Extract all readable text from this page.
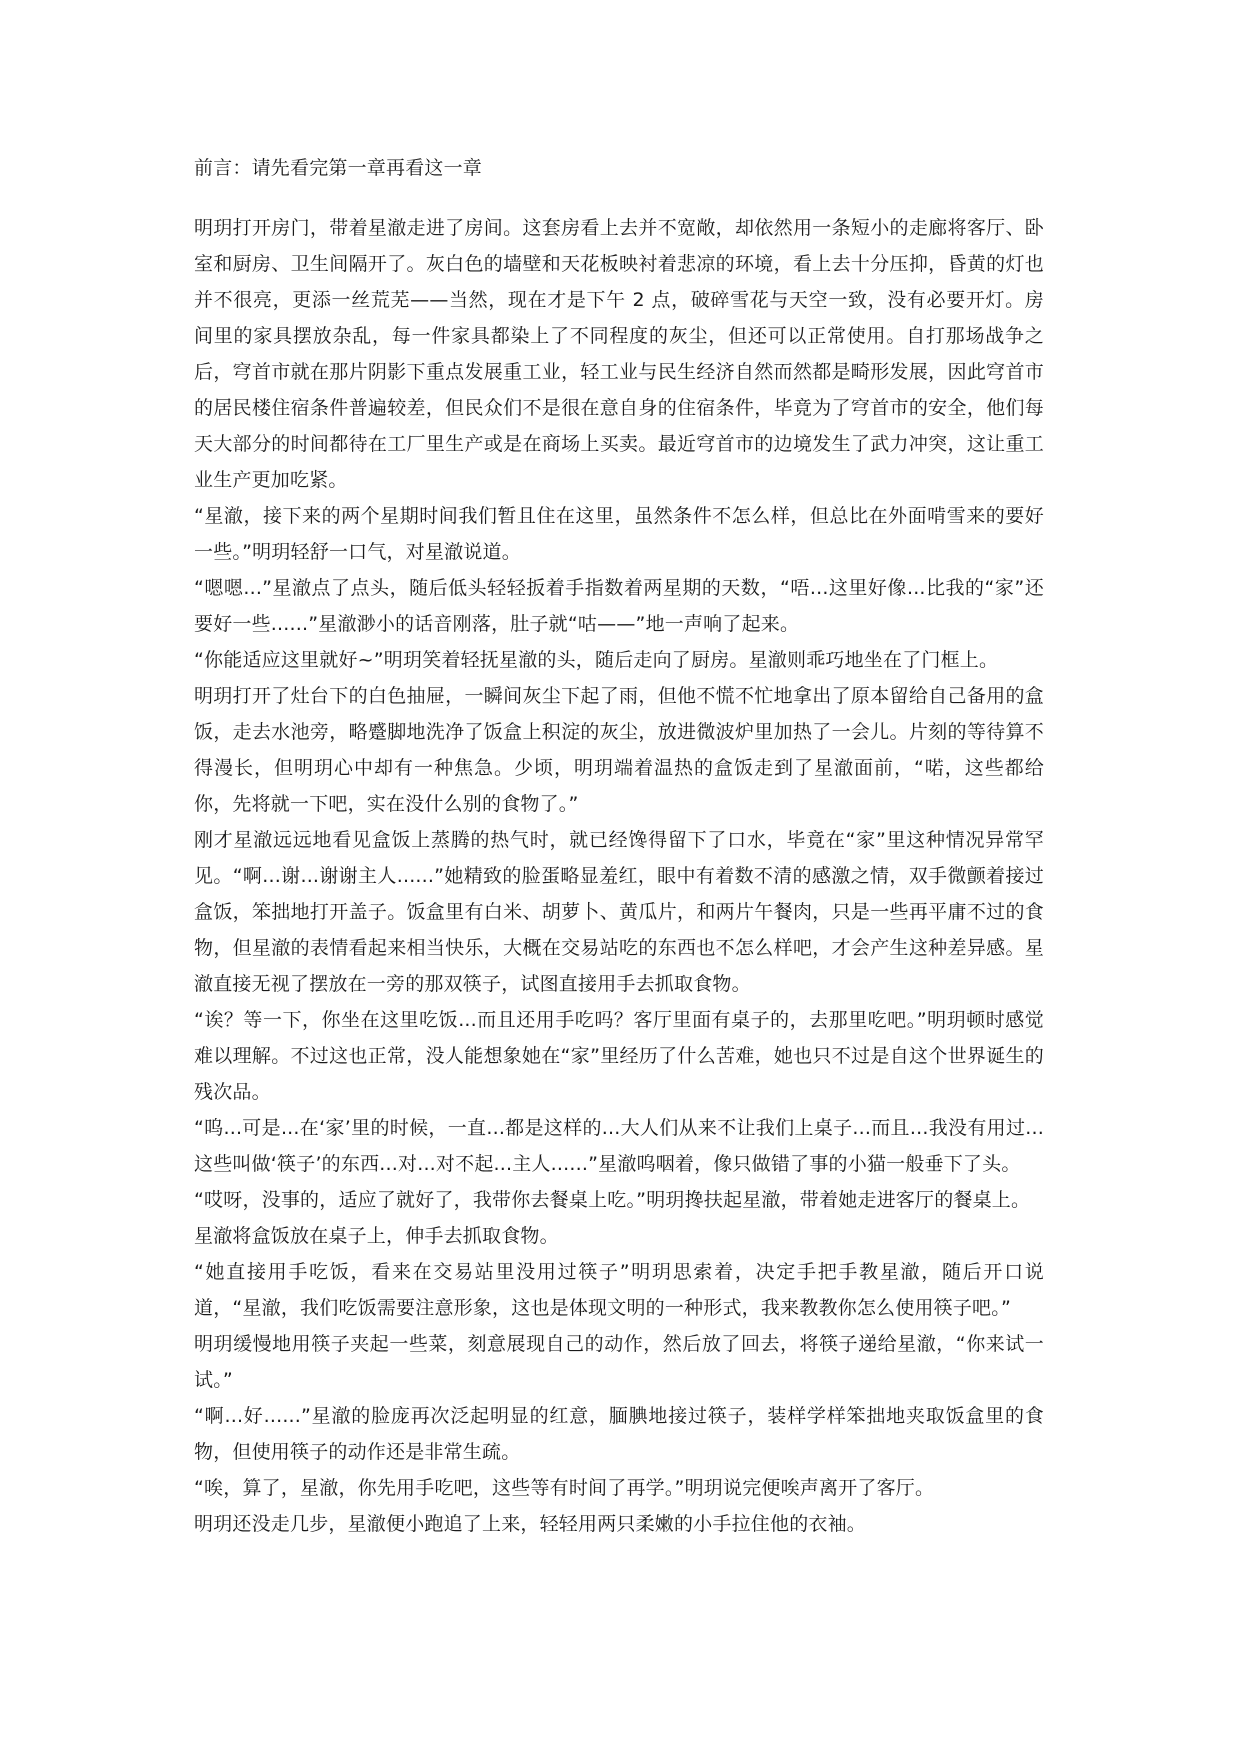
前言：请先看完第一章再看这一章

明玥打开房门，带着星澈走进了房间。这套房看上去并不宽敞，却依然用一条短小的走廊将客厅、卧室和厨房、卫生间隔开了。灰白色的墙壁和天花板映衬着悲凉的环境，看上去十分压抑，昏黄的灯也并不很亮，更添一丝荒芜——当然，现在才是下午 2 点，破碎雪花与天空一致，没有必要开灯。房间里的家具摆放杂乱，每一件家具都染上了不同程度的灰尘，但还可以正常使用。自打那场战争之后，穹首市就在那片阴影下重点发展重工业，轻工业与民生经济自然而然都是畸形发展，因此穹首市的居民楼住宿条件普遍较差，但民众们不是很在意自身的住宿条件，毕竟为了穹首市的安全，他们每天大部分的时间都待在工厂里生产或是在商场上买卖。最近穹首市的边境发生了武力冲突，这让重工业生产更加吃紧。

“星澈，接下来的两个星期时间我们暂且住在这里，虽然条件不怎么样，但总比在外面啃雪来的要好一些。”明玥轻舒一口气，对星澈说道。

“嗯嗯...”星澈点了点头，随后低头轻轻扳着手指数着两星期的天数，“唔...这里好像...比我的“家”还要好一些......”星澈渺小的话音刚落，肚子就“咕——”地一声响了起来。

“你能适应这里就好~”明玥笑着轻抚星澈的头，随后走向了厨房。星澈则乖巧地坐在了门框上。

明玥打开了灶台下的白色抽屉，一瞬间灰尘下起了雨，但他不慌不忙地拿出了原本留给自己备用的盒饭，走去水池旁，略蹙脚地洗净了饭盒上积淀的灰尘，放进微波炉里加热了一会儿。片刻的等待算不得漫长，但明玥心中却有一种焦急。少顷，明玥端着温热的盒饭走到了星澈面前，“喏，这些都给你，先将就一下吧，实在没什么别的食物了。”

刚才星澈远远地看见盒饭上蒸腾的热气时，就已经馋得留下了口水，毕竟在“家”里这种情况异常罕见。“啊...谢...谢谢主人......”她精致的脸蛋略显羞红，眼中有着数不清的感激之情，双手微颤着接过盒饭，笨拙地打开盖子。饭盒里有白米、胡萝卜、黄瓜片，和两片午餐肉，只是一些再平庸不过的食物，但星澈的表情看起来相当快乐，大概在交易站吃的东西也不怎么样吧，才会产生这种差异感。星澈直接无视了摆放在一旁的那双筷子，试图直接用手去抓取食物。

“诶？等一下，你坐在这里吃饭...而且还用手吃吗？客厅里面有桌子的，去那里吃吧。”明玥顿时感觉难以理解。不过这也正常，没人能想象她在“家”里经历了什么苦难，她也只不过是自这个世界诞生的残次品。

“呜...可是...在‘家’里的时候，一直...都是这样的...大人们从来不让我们上桌子...而且...我没有用过...这些叫做‘筷子’的东西...对...对不起...主人......”星澈呜咽着，像只做错了事的小猫一般垂下了头。

“哎呀，没事的，适应了就好了，我带你去餐桌上吃。”明玥搀扶起星澈，带着她走进客厅的餐桌上。

星澈将盒饭放在桌子上，伸手去抓取食物。

“她直接用手吃饭，看来在交易站里没用过筷子”明玥思索着，决定手把手教星澈，随后开口说道，“星澈，我们吃饭需要注意形象，这也是体现文明的一种形式，我来教教你怎么使用筷子吧。”

明玥缓慢地用筷子夹起一些菜，刻意展现自己的动作，然后放了回去，将筷子递给星澈，“你来试一试。”

“啊...好......”星澈的脸庞再次泛起明显的红意，腼腆地接过筷子，装样学样笨拙地夹取饭盒里的食物，但使用筷子的动作还是非常生疏。

“唉，算了，星澈，你先用手吃吧，这些等有时间了再学。”明玥说完便唉声离开了客厅。

明玥还没走几步，星澈便小跑追了上来，轻轻用两只柔嫩的小手拉住他的衣袖。
